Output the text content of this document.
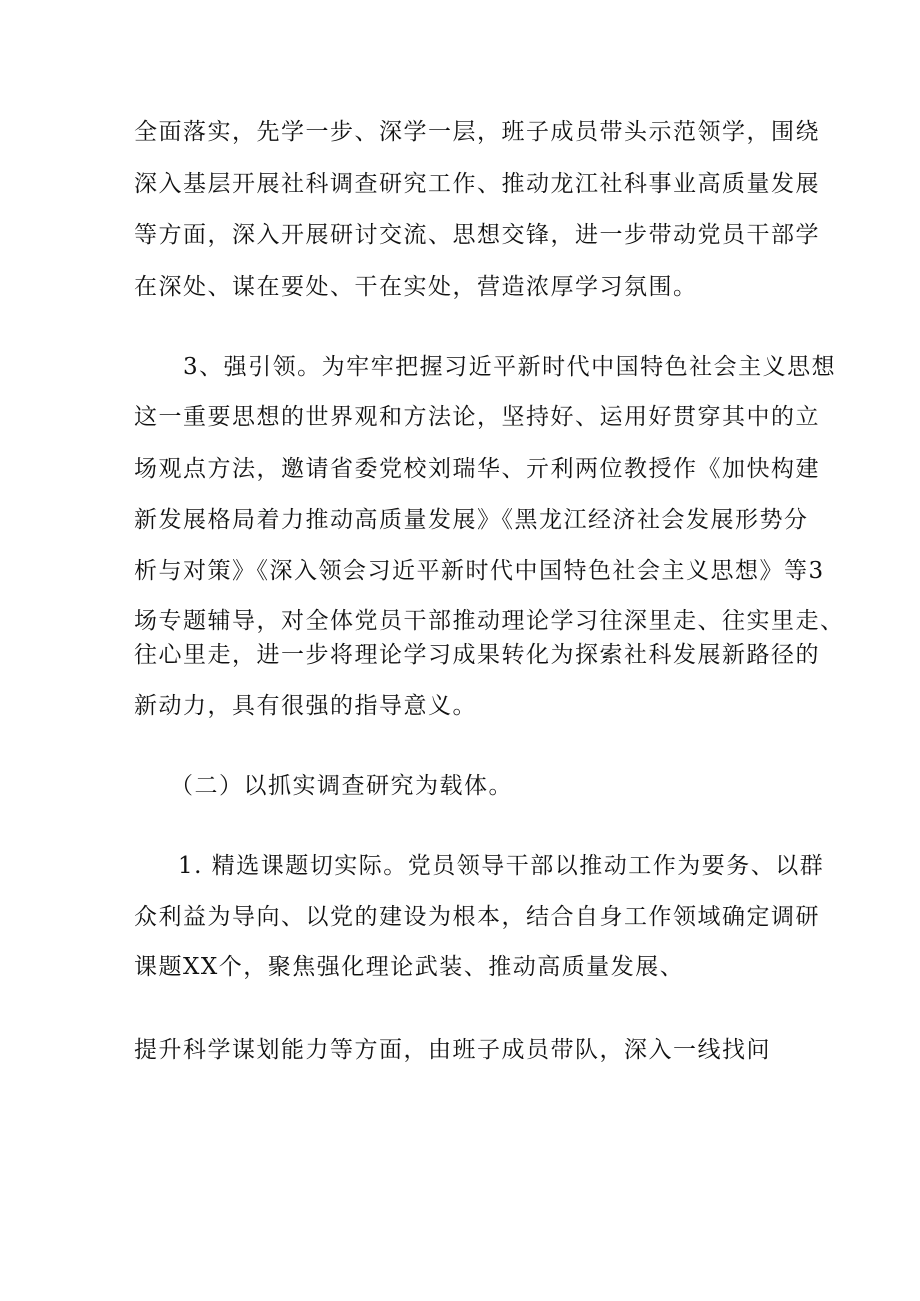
全面落实，先学一步、深学一层，班子成员带头示范领学，围绕
深入基层开展社科调查研究工作、推动龙江社科事业高质量发展
等方面，深入开展研讨交流、思想交锋，进一步带动党员干部学
在深处、谋在要处、干在实处，营造浓厚学习氛围。
3、强引领。为牢牢把握习近平新时代中国特色社会主义思想
这一重要思想的世界观和方法论，坚持好、运用好贯穿其中的立
场观点方法，邀请省委党校刘瑞华、亓利两位教授作《加快构建
新发展格局着力推动高质量发展》《黑龙江经济社会发展形势分
析与对策》《深入领会习近平新时代中国特色社会主义思想》等3
场专题辅导，对全体党员干部推动理论学习往深里走、往实里走、
往心里走，进一步将理论学习成果转化为探索社科发展新路径的
新动力，具有很强的指导意义。
（二）以抓实调查研究为载体。
1. 精选课题切实际。党员领导干部以推动工作为要务、以群
众利益为导向、以党的建设为根本，结合自身工作领域确定调研
课题XX个，聚焦强化理论武装、推动高质量发展、
提升科学谋划能力等方面，由班子成员带队，深入一线找问
